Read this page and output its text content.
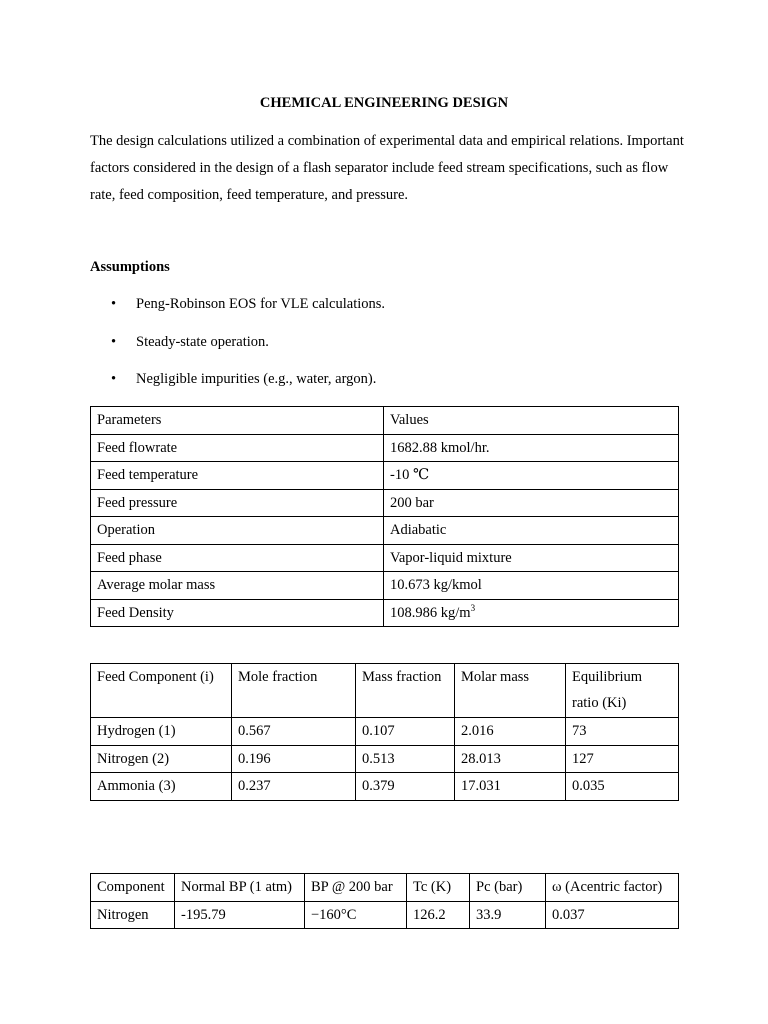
CHEMICAL ENGINEERING DESIGN
The design calculations utilized a combination of experimental data and empirical relations. Important factors considered in the design of a flash separator include feed stream specifications, such as flow rate, feed composition, feed temperature, and pressure.
Assumptions
• Peng-Robinson EOS for VLE calculations.
• Steady-state operation.
• Negligible impurities (e.g., water, argon).
Parameters	Values
Feed flowrate	1682.88 kmol/hr.
Feed temperature	-10 ℃
Feed pressure	200 bar
Operation	Adiabatic
Feed phase	Vapor-liquid mixture
Average molar mass	10.673 kg/kmol
Feed Density	108.986 $kg/m^3$
Feed Component (i)	Mole fraction	Mass fraction	Molar mass	Equilibrium ratio (Ki)
Hydrogen (1)	0.567	0.107	2.016	73
Nitrogen (2)	0.196	0.513	28.013	127
Ammonia (3)	0.237	0.379	17.031	0.035
Component	Normal BP (1 atm)	BP @ 200 bar	Tc (K)	Pc (bar)	ω (Acentric factor)
Nitrogen	-195.79	−160°C	126.2	33.9	0.037
